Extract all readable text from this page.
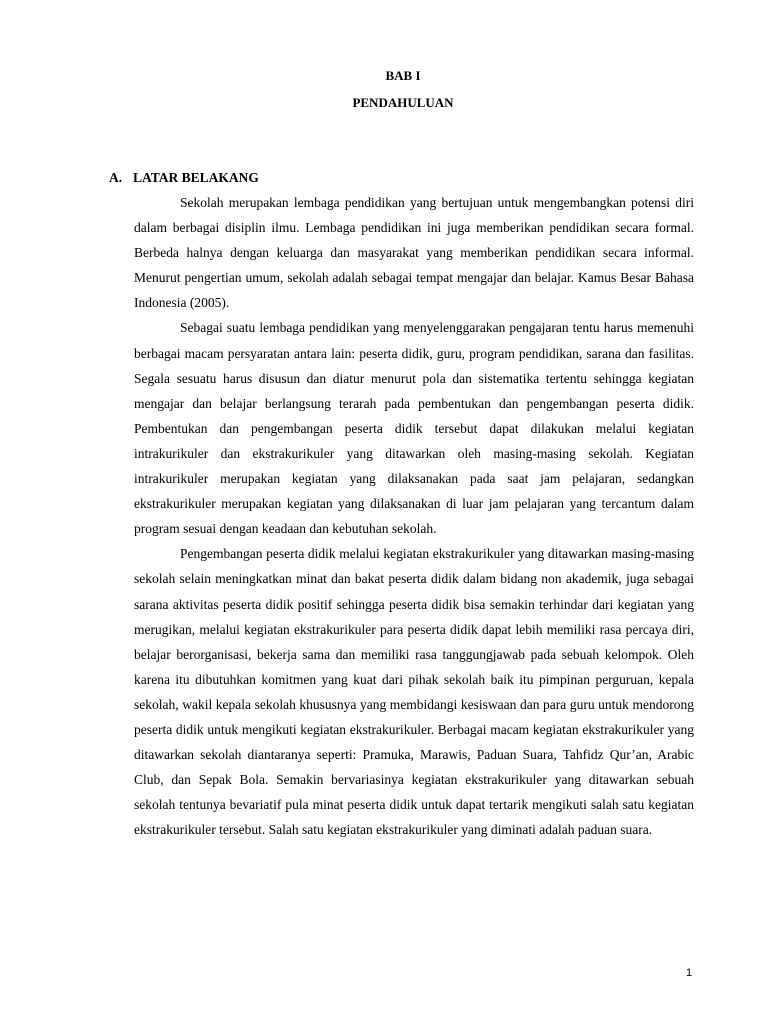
BAB I
PENDAHULUAN
A. LATAR BELAKANG

Sekolah merupakan lembaga pendidikan yang bertujuan untuk mengembangkan potensi diri dalam berbagai disiplin ilmu. Lembaga pendidikan ini juga memberikan pendidikan secara formal. Berbeda halnya dengan keluarga dan masyarakat yang memberikan pendidikan secara informal. Menurut pengertian umum, sekolah adalah sebagai tempat mengajar dan belajar. Kamus Besar Bahasa Indonesia (2005).

Sebagai suatu lembaga pendidikan yang menyelenggarakan pengajaran tentu harus memenuhi berbagai macam persyaratan antara lain: peserta didik, guru, program pendidikan, sarana dan fasilitas. Segala sesuatu harus disusun dan diatur menurut pola dan sistematika tertentu sehingga kegiatan mengajar dan belajar berlangsung terarah pada pembentukan dan pengembangan peserta didik. Pembentukan dan pengembangan peserta didik tersebut dapat dilakukan melalui kegiatan intrakurikuler dan ekstrakurikuler yang ditawarkan oleh masing-masing sekolah. Kegiatan intrakurikuler merupakan kegiatan yang dilaksanakan pada saat jam pelajaran, sedangkan ekstrakurikuler merupakan kegiatan yang dilaksanakan di luar jam pelajaran yang tercantum dalam program sesuai dengan keadaan dan kebutuhan sekolah.

Pengembangan peserta didik melalui kegiatan ekstrakurikuler yang ditawarkan masing-masing sekolah selain meningkatkan minat dan bakat peserta didik dalam bidang non akademik, juga sebagai sarana aktivitas peserta didik positif sehingga peserta didik bisa semakin terhindar dari kegiatan yang merugikan, melalui kegiatan ekstrakurikuler para peserta didik dapat lebih memiliki rasa percaya diri, belajar berorganisasi, bekerja sama dan memiliki rasa tanggungjawab pada sebuah kelompok. Oleh karena itu dibutuhkan komitmen yang kuat dari pihak sekolah baik itu pimpinan perguruan, kepala sekolah, wakil kepala sekolah khususnya yang membidangi kesiswaan dan para guru untuk mendorong peserta didik untuk mengikuti kegiatan ekstrakurikuler. Berbagai macam kegiatan ekstrakurikuler yang ditawarkan sekolah diantaranya seperti: Pramuka, Marawis, Paduan Suara, Tahfidz Qur’an, Arabic Club, dan Sepak Bola. Semakin bervariasinya kegiatan ekstrakurikuler yang ditawarkan sebuah sekolah tentunya bevariatif pula minat peserta didik untuk dapat tertarik mengikuti salah satu kegiatan ekstrakurikuler tersebut. Salah satu kegiatan ekstrakurikuler yang diminati adalah paduan suara.

1
